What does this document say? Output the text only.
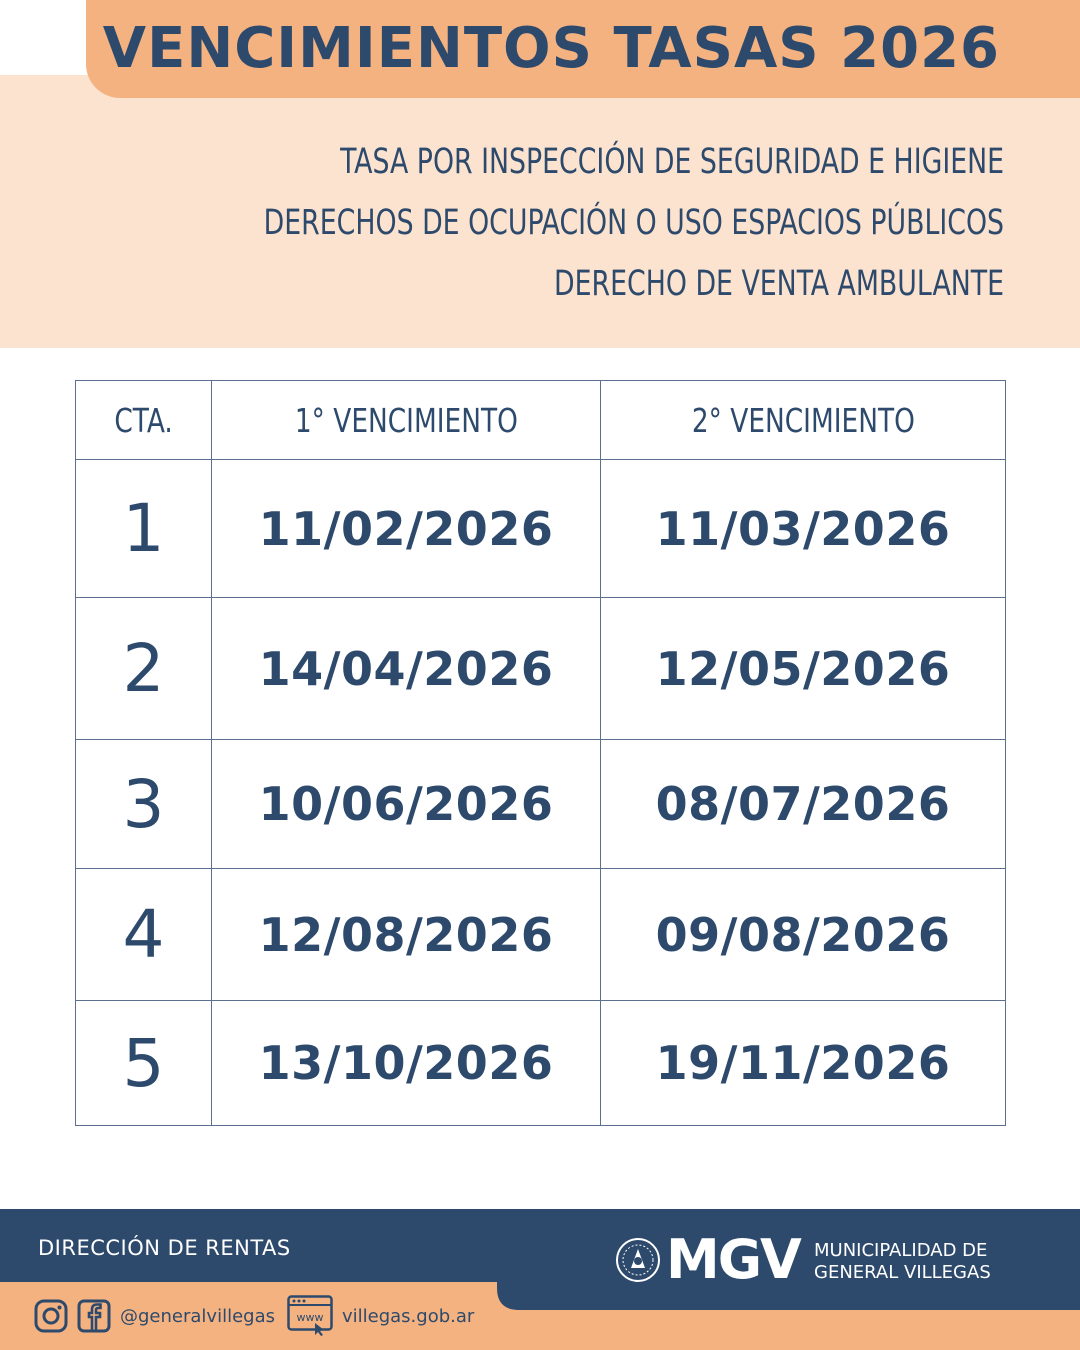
VENCIMIENTOS TASAS 2026
TASA POR INSPECCIÓN DE SEGURIDAD E HIGIENE
DERECHOS DE OCUPACIÓN O USO ESPACIOS PÚBLICOS
DERECHO DE VENTA AMBULANTE
CTA.	1° VENCIMIENTO	2° VENCIMIENTO
1	11/02/2026	11/03/2026
2	14/04/2026	12/05/2026
3	10/06/2026	08/07/2026
4	12/08/2026	09/08/2026
5	13/10/2026	19/11/2026
DIRECCIÓN DE RENTAS	MGV MUNICIPALIDAD DE
GENERAL VILLEGAS
@generalvillegas www villegas.gob.ar
